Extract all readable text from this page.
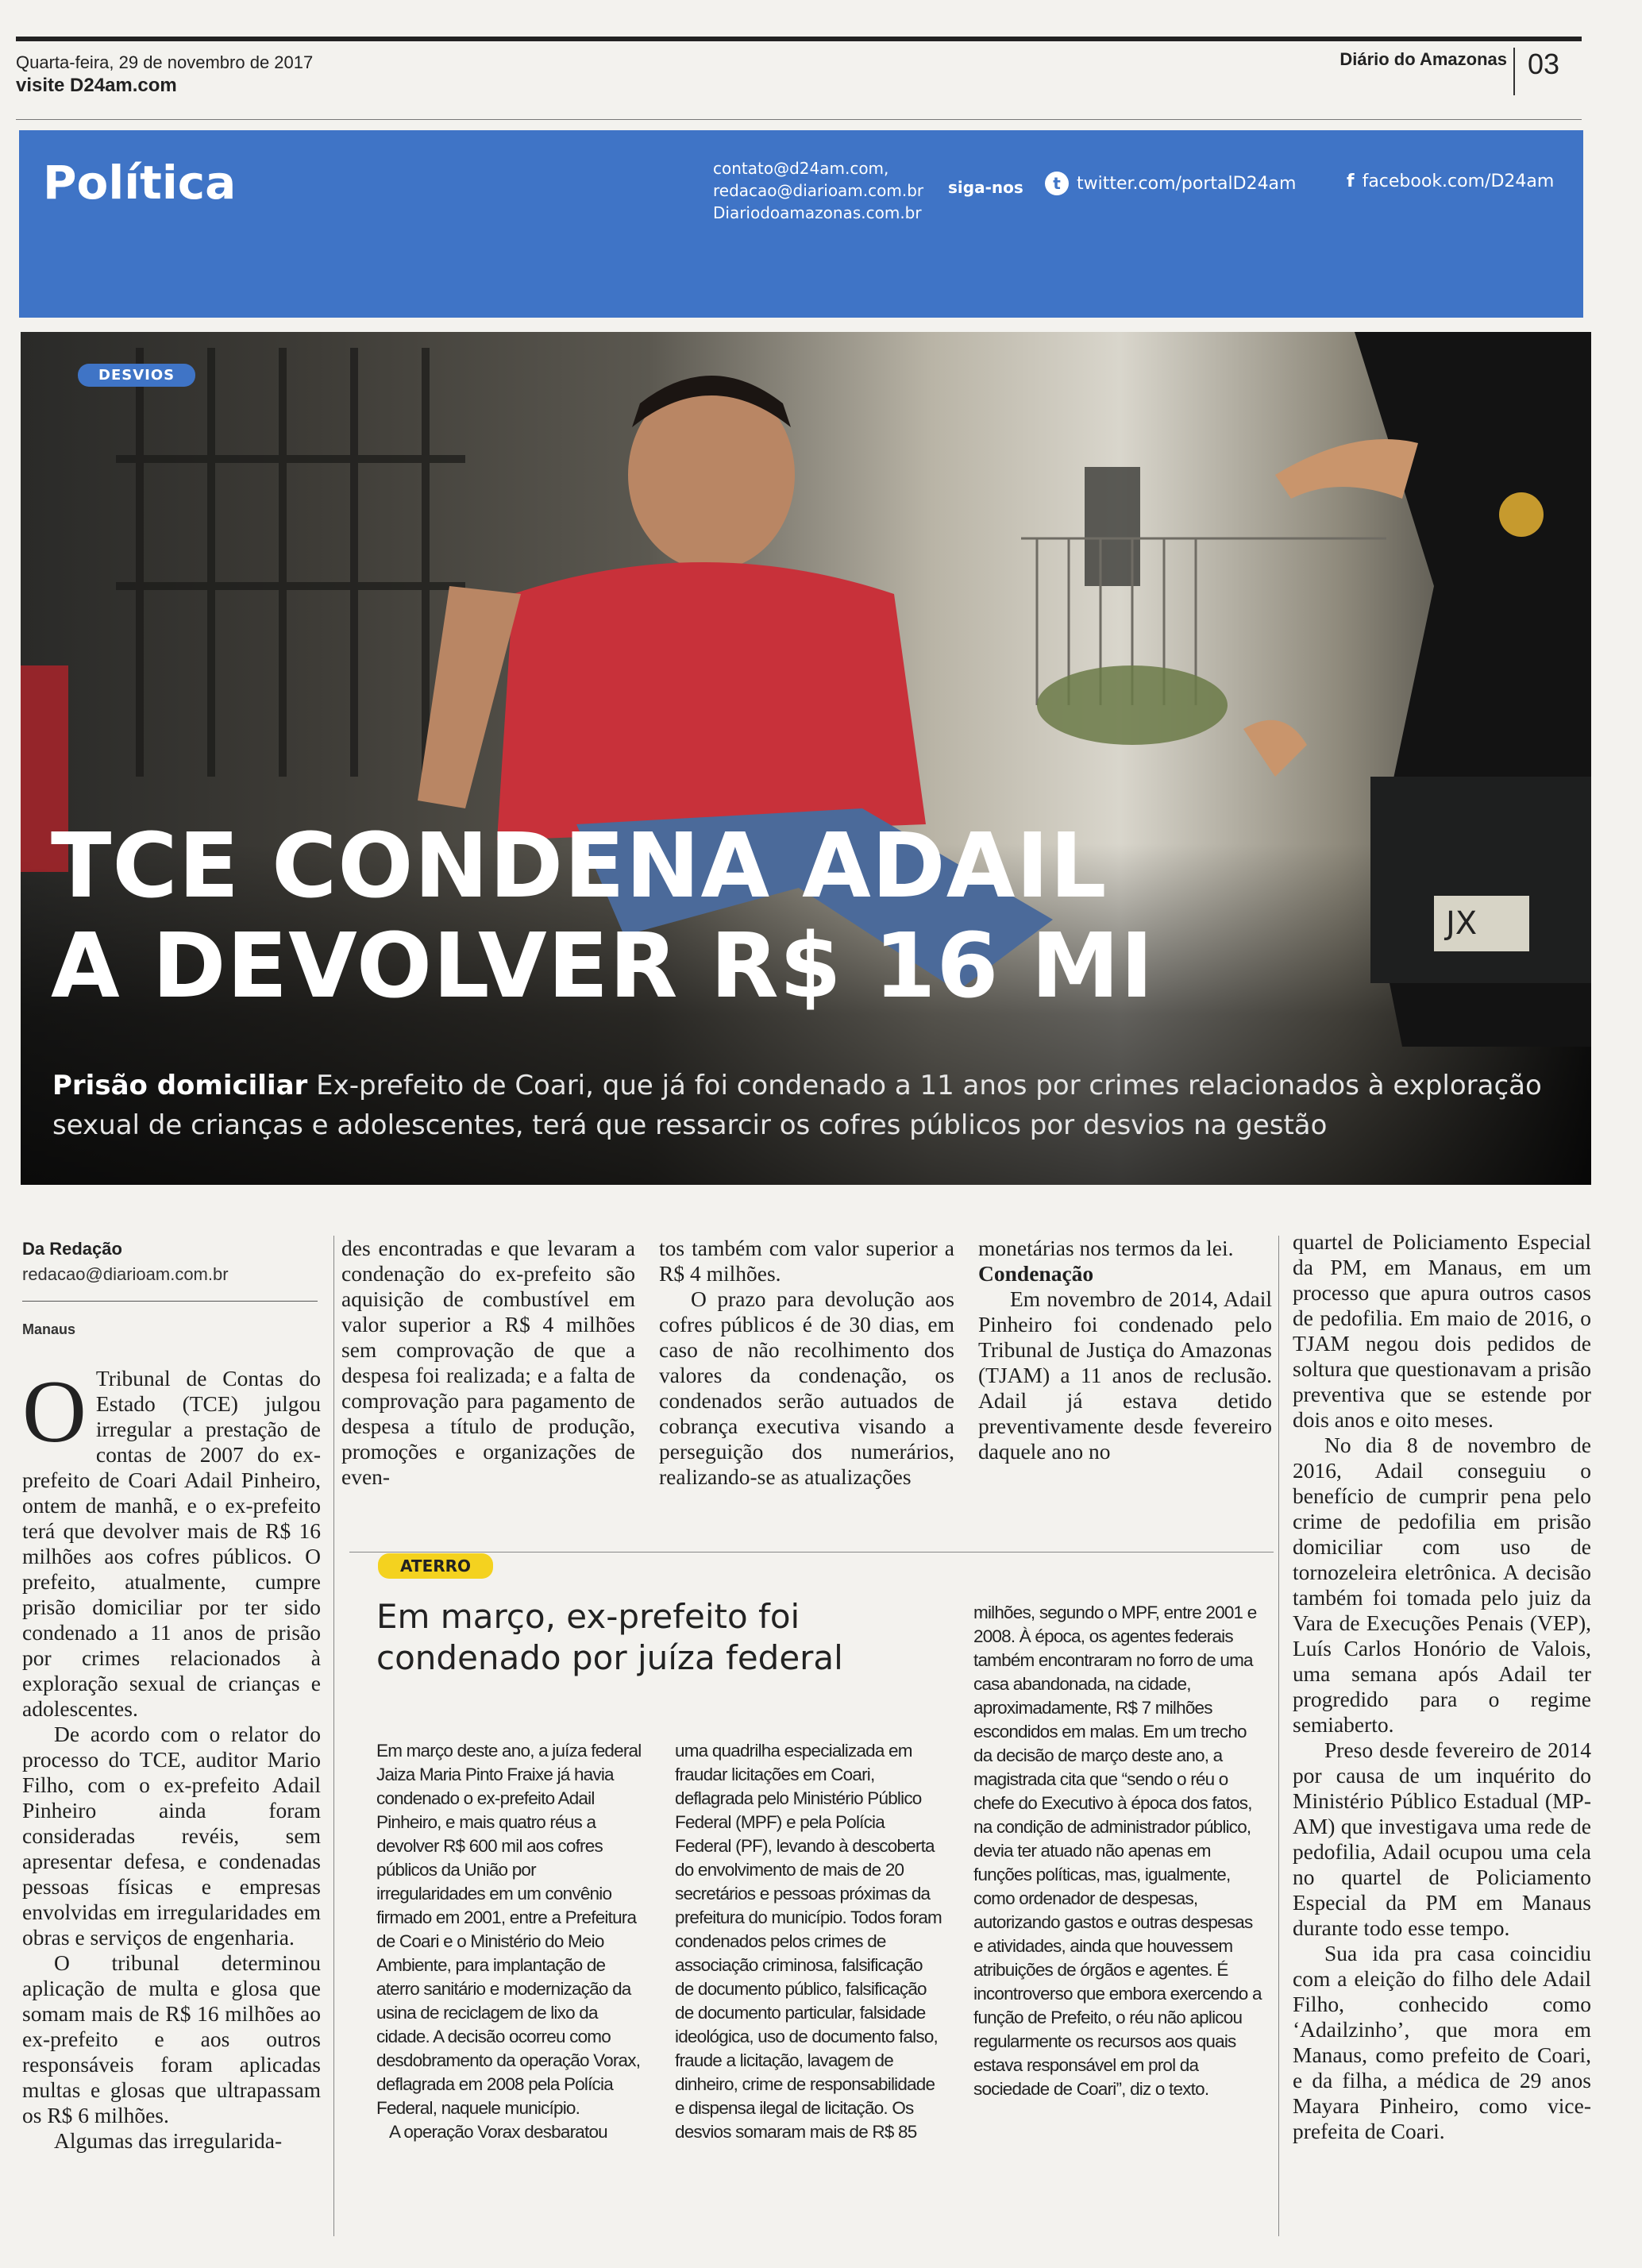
Quarta-feira, 29 de novembro de 2017
visite D24am.com
Diário do Amazonas 03
Política	contato@d24am.com,
redacao@diarioam.com.br
Diariodoamazonas.com.br
siga-nos	t twitter.com/portalD24am	f facebook.com/D24am
JX
DESVIOS
TCE CONDENA ADAIL
A DEVOLVER R$ 16 MI
Prisão domiciliar Ex-prefeito de Coari, que já foi condenado a 11 anos por crimes relacionados à exploração sexual de crianças e adolescentes, terá que ressarcir os cofres públicos por desvios na gestão
Da Redação
redacao@diarioam.com.br
Manaus

O Tribunal de Contas do Estado (TCE) julgou irregular a prestação de contas de 2007 do ex-prefeito de Coari Adail Pinheiro, ontem de manhã, e o ex-prefeito terá que devolver mais de R$ 16 milhões aos cofres públicos. O prefeito, atualmente, cumpre prisão domiciliar por ter sido condenado a 11 anos de prisão por crimes relacionados à exploração sexual de crianças e adolescentes.

De acordo com o relator do processo do TCE, auditor Mario Filho, com o ex-prefeito Adail Pinheiro ainda foram consideradas revéis, sem apresentar defesa, e condenadas pessoas físicas e empresas envolvidas em irregularidades em obras e serviços de engenharia.

O tribunal determinou aplicação de multa e glosa que somam mais de R$ 16 milhões ao ex-prefeito e aos outros responsáveis foram aplicadas multas e glosas que ultrapassam os R$ 6 milhões.

Algumas das irregularida-

des encontradas e que levaram a condenação do ex-prefeito são aquisição de combustível em valor superior a R$ 4 milhões sem comprovação de que a despesa foi realizada; e a falta de comprovação para pagamento de despesa a título de produção, promoções e organizações de even-

tos também com valor superior a R$ 4 milhões.

O prazo para devolução aos cofres públicos é de 30 dias, em caso de não recolhimento dos valores da condenação, os condenados serão autuados de cobrança executiva visando a perseguição dos numerários, realizando-se as atualizações

monetárias nos termos da lei.

Condenação

Em novembro de 2014, Adail Pinheiro foi condenado pelo Tribunal de Justiça do Amazonas (TJAM) a 11 anos de reclusão. Adail já estava detido preventivamente desde fevereiro daquele ano no

quartel de Policiamento Especial da PM, em Manaus, em um processo que apura outros casos de pedofilia. Em maio de 2016, o TJAM negou dois pedidos de soltura que questionavam a prisão preventiva que se estende por dois anos e oito meses.

No dia 8 de novembro de 2016, Adail conseguiu o benefício de cumprir pena pelo crime de pedofilia em prisão domiciliar com uso de tornozeleira eletrônica. A decisão também foi tomada pelo juiz da Vara de Execuções Penais (VEP), Luís Carlos Honório de Valois, uma semana após Adail ter progredido para o regime semiaberto.

Preso desde fevereiro de 2014 por causa de um inquérito do Ministério Público Estadual (MP-AM) que investigava uma rede de pedofilia, Adail ocupou uma cela no quartel de Policiamento Especial da PM em Manaus durante todo esse tempo.

Sua ida pra casa coincidiu com a eleição do filho dele Adail Filho, conhecido como ‘Adailzinho’, que mora em Manaus, como prefeito de Coari, e da filha, a médica de 29 anos Mayara Pinheiro, como vice-prefeita de Coari.

ATERRO
Em março, ex-prefeito foi condenado por juíza federal

Em março deste ano, a juíza federal Jaiza Maria Pinto Fraixe já havia condenado o ex-prefeito Adail Pinheiro, e mais quatro réus a devolver R$ 600 mil aos cofres públicos da União por irregularidades em um convênio firmado em 2001, entre a Prefeitura de Coari e o Ministério do Meio Ambiente, para implantação de aterro sanitário e modernização da usina de reciclagem de lixo da cidade. A decisão ocorreu como desdobramento da operação Vorax, deflagrada em 2008 pela Polícia Federal, naquele município.

A operação Vorax desbaratou

uma quadrilha especializada em fraudar licitações em Coari, deflagrada pelo Ministério Público Federal (MPF) e pela Polícia Federal (PF), levando à descoberta do envolvimento de mais de 20 secretários e pessoas próximas da prefeitura do município. Todos foram condenados pelos crimes de associação criminosa, falsificação de documento público, falsificação de documento particular, falsidade ideológica, uso de documento falso, fraude a licitação, lavagem de dinheiro, crime de responsabilidade e dispensa ilegal de licitação. Os desvios somaram mais de R$ 85

milhões, segundo o MPF, entre 2001 e 2008. À época, os agentes federais também encontraram no forro de uma casa abandonada, na cidade, aproximadamente, R$ 7 milhões escondidos em malas. Em um trecho da decisão de março deste ano, a magistrada cita que “sendo o réu o chefe do Executivo à época dos fatos, na condição de administrador público, devia ter atuado não apenas em funções políticas, mas, igualmente, como ordenador de despesas, autorizando gastos e outras despesas e atividades, ainda que houvessem atribuições de órgãos e agentes. É incontroverso que embora exercendo a função de Prefeito, o réu não aplicou regularmente os recursos aos quais estava responsável em prol da sociedade de Coari”, diz o texto.
